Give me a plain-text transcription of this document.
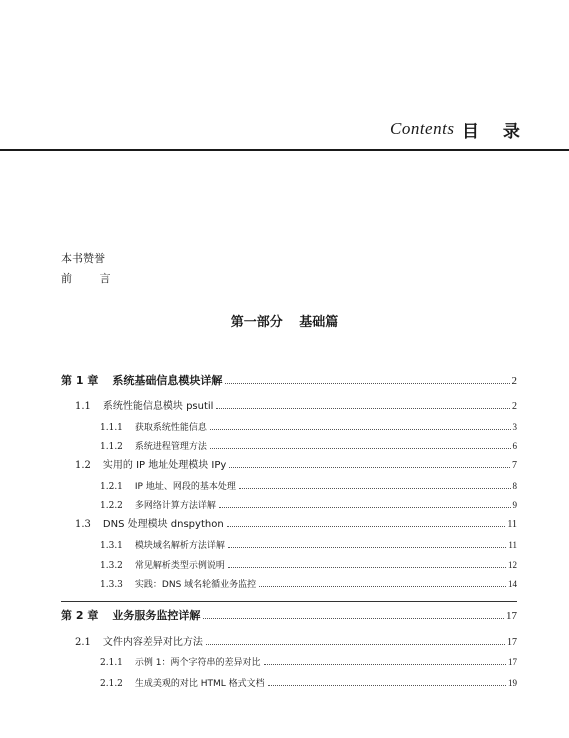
Contents 目 录
本书赞誉
前 言
第一部分 基础篇
第 1 章 系统基础信息模块详解	2
1.1 系统性能信息模块 psutil	2
1.1.1 获取系统性能信息	3
1.1.2 系统进程管理方法	6
1.2 实用的 IP 地址处理模块 IPy	7
1.2.1 IP 地址、网段的基本处理	8
1.2.2 多网络计算方法详解	9
1.3 DNS 处理模块 dnspython	11
1.3.1 模块域名解析方法详解	11
1.3.2 常见解析类型示例说明	12
1.3.3 实践：DNS 域名轮循业务监控	14
第 2 章 业务服务监控详解	17
2.1 文件内容差异对比方法	17
2.1.1 示例 1：两个字符串的差异对比	17
2.1.2 生成美观的对比 HTML 格式文档	19
